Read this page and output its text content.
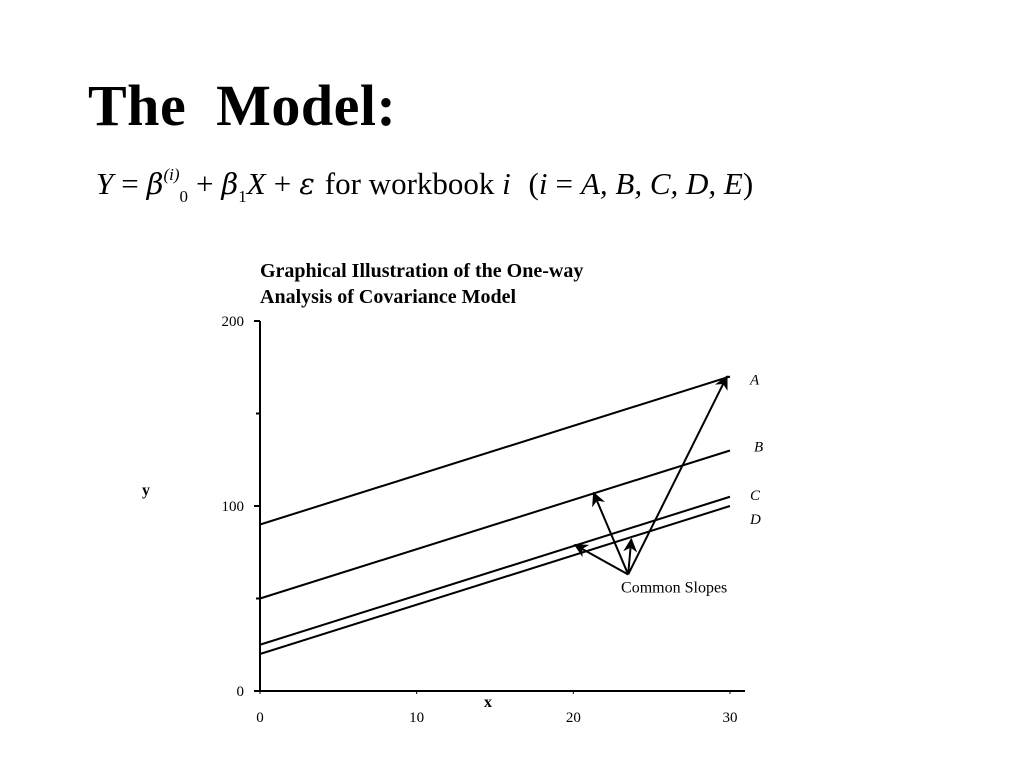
The  Model:
$Y = \beta^{(i)}_0 + \beta_1X + \varepsilon$ for workbook i (i = A, B, C, D, E)
Graphical Illustration of the One-way
Analysis of Covariance Model
y
x
0
100
200
0	10	20	30
A
B
C
D
Common Slopes
